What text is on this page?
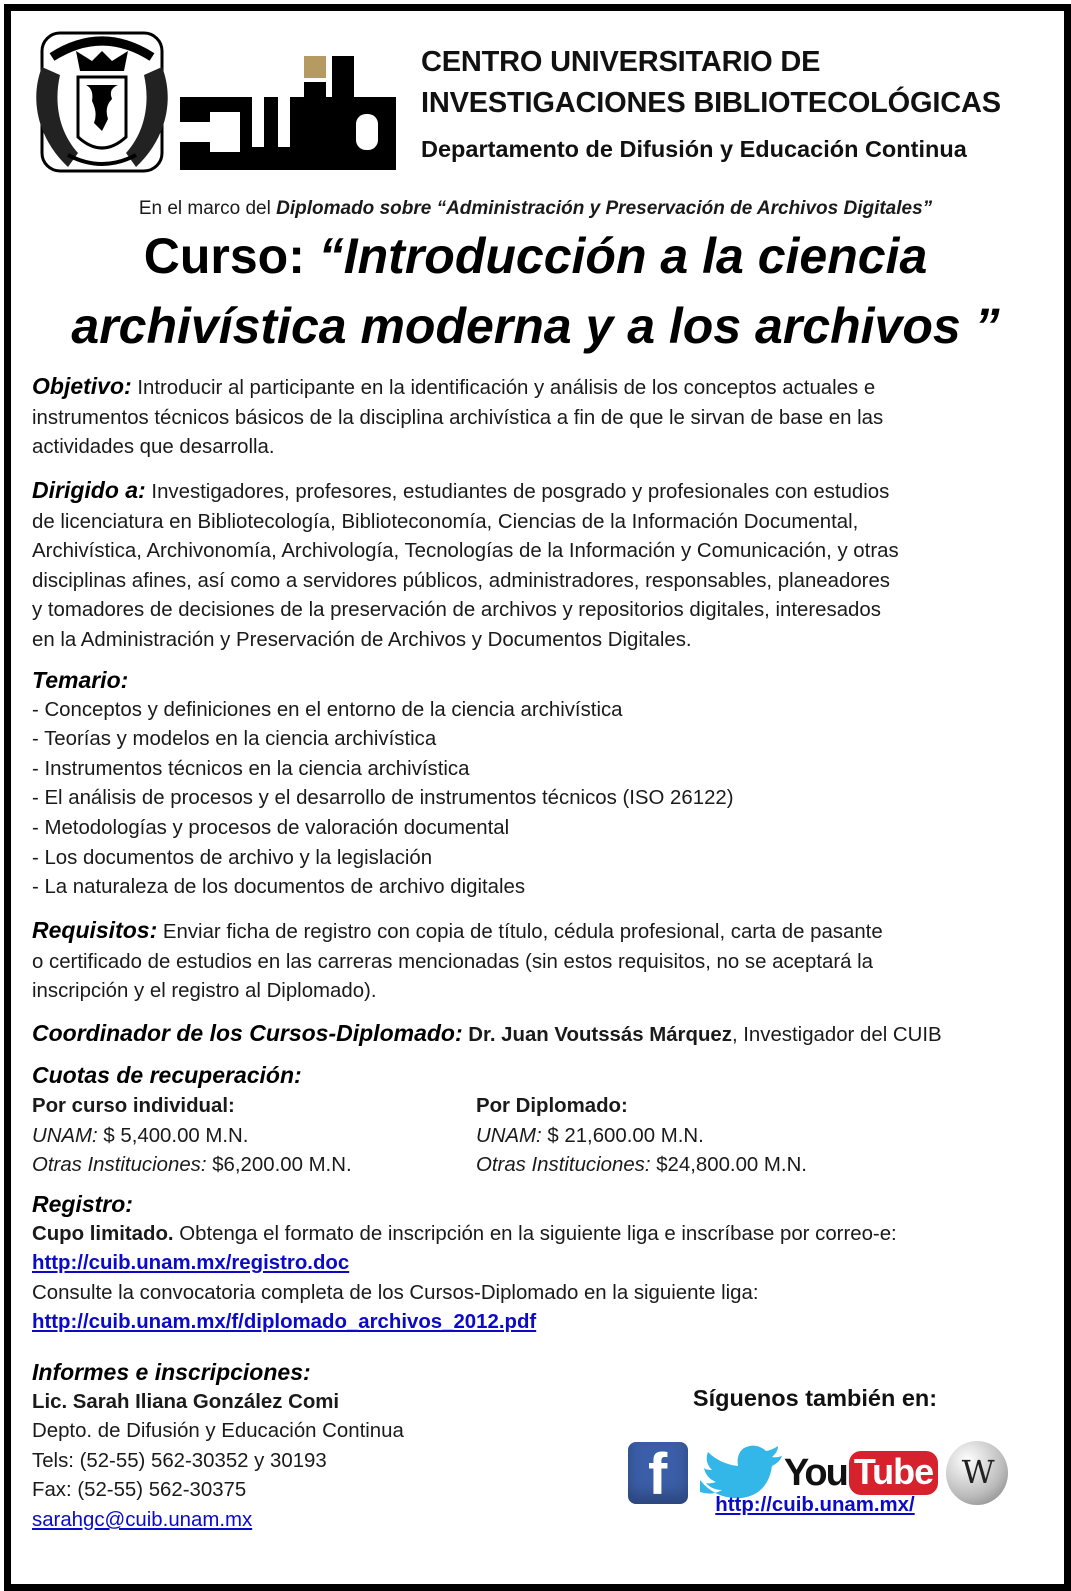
CENTRO UNIVERSITARIO DE
INVESTIGACIONES BIBLIOTECOLÓGICAS
Departamento de Difusión y Educación Continua
En el marco del Diplomado sobre “Administración y Preservación de Archivos Digitales”
Curso: “Introducción a la ciencia
archivística moderna y a los archivos ”
Objetivo: Introducir al participante en la identificación y análisis de los conceptos actuales e
instrumentos técnicos básicos de la disciplina archivística a fin de que le sirvan de base en las
actividades que desarrolla.
Dirigido a: Investigadores, profesores, estudiantes de posgrado y profesionales con estudios
de licenciatura en Bibliotecología, Biblioteconomía, Ciencias de la Información Documental,
Archivística, Archivonomía, Archivología, Tecnologías de la Información y Comunicación, y otras
disciplinas afines, así como a servidores públicos, administradores, responsables, planeadores
y tomadores de decisiones de la preservación de archivos y repositorios digitales, interesados
en la Administración y Preservación de Archivos y Documentos Digitales.
Temario:
- Conceptos y definiciones en el entorno de la ciencia archivística
- Teorías y modelos en la ciencia archivística
- Instrumentos técnicos en la ciencia archivística
- El análisis de procesos y el desarrollo de instrumentos técnicos (ISO 26122)
- Metodologías y procesos de valoración documental
- Los documentos de archivo y la legislación
- La naturaleza de los documentos de archivo digitales
Requisitos: Enviar ficha de registro con copia de título, cédula profesional, carta de pasante
o certificado de estudios en las carreras mencionadas (sin estos requisitos, no se aceptará la
inscripción y el registro al Diplomado).
Coordinador de los Cursos-Diplomado: Dr. Juan Voutssás Márquez, Investigador del CUIB
Cuotas de recuperación:
Por curso individual:
UNAM: $ 5,400.00 M.N.
Otras Instituciones: $6,200.00 M.N.
Por Diplomado:
UNAM: $ 21,600.00 M.N.
Otras Instituciones: $24,800.00 M.N.
Registro:
Cupo limitado. Obtenga el formato de inscripción en la siguiente liga e inscríbase por correo-e:
http://cuib.unam.mx/registro.doc
Consulte la convocatoria completa de los Cursos-Diplomado en la siguiente liga:
http://cuib.unam.mx/f/diplomado_archivos_2012.pdf
Informes e inscripciones:
Lic. Sarah Iliana González Comi
Depto. de Difusión y Educación Continua
Tels: (52-55) 562-30352 y 30193
Fax: (52-55) 562-30375
sarahgc@cuib.unam.mx
Síguenos también en:
f	You Tube W
http://cuib.unam.mx/
